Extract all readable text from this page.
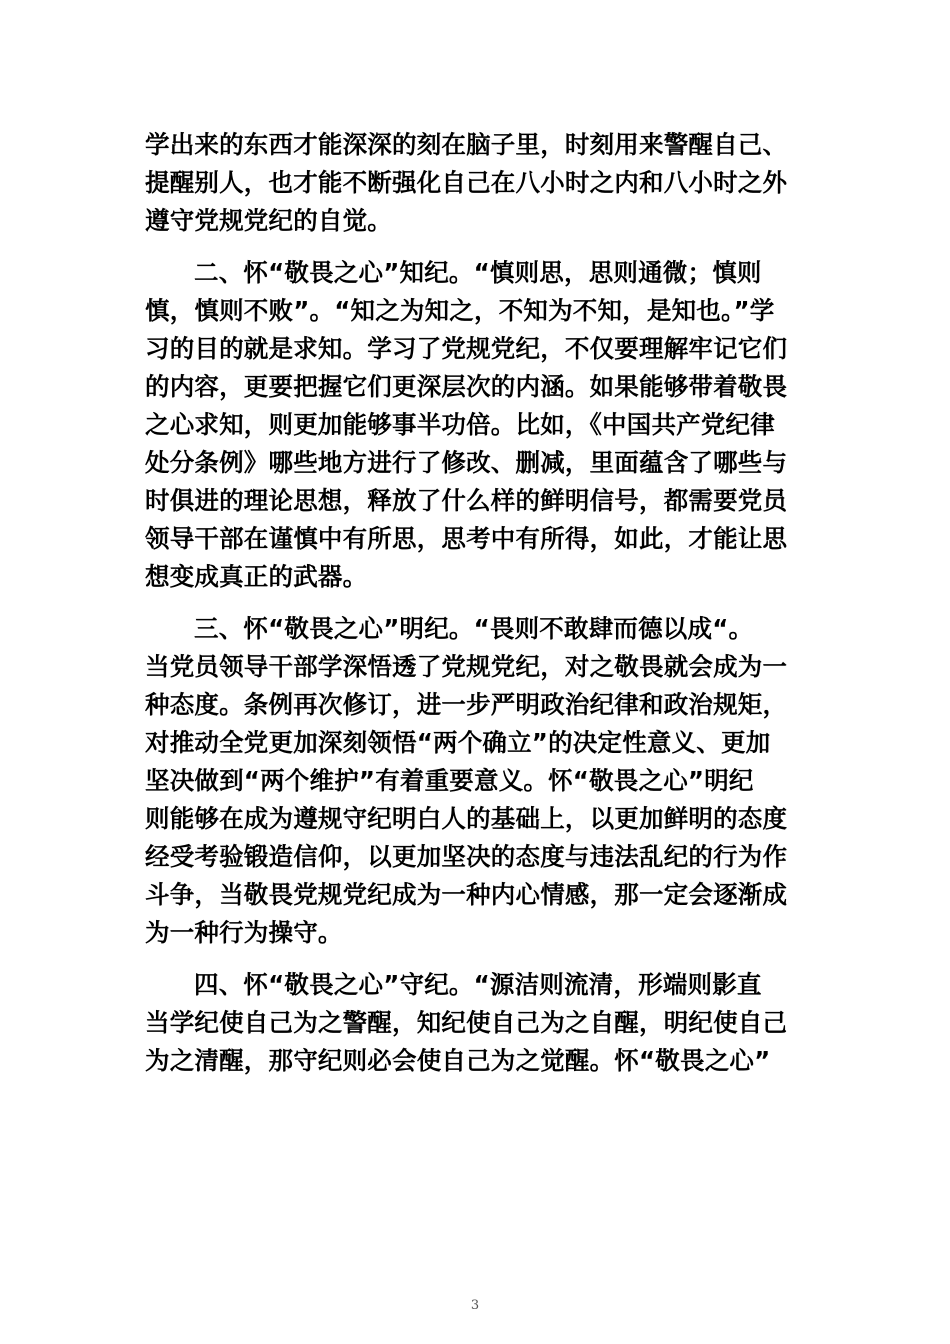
学出来的东西才能深深的刻在脑子里，时刻用来警醒自己、
提醒别人，也才能不断强化自己在八小时之内和八小时之外
遵守党规党纪的自觉。
二、怀“敬畏之心”知纪。“慎则思，思则通微；慎则
慎，慎则不败”。“知之为知之，不知为不知，是知也。”学
习的目的就是求知。学习了党规党纪，不仅要理解牢记它们
的内容，更要把握它们更深层次的内涵。如果能够带着敬畏
之心求知，则更加能够事半功倍。比如，《中国共产党纪律
处分条例》哪些地方进行了修改、删减，里面蕴含了哪些与
时俱进的理论思想，释放了什么样的鲜明信号，都需要党员
领导干部在谨慎中有所思，思考中有所得，如此，才能让思
想变成真正的武器。
三、怀“敬畏之心”明纪。“畏则不敢肆而德以成“。
当党员领导干部学深悟透了党规党纪，对之敬畏就会成为一
种态度。条例再次修订，进一步严明政治纪律和政治规矩，
对推动全党更加深刻领悟“两个确立”的决定性意义、更加
坚决做到“两个维护”有着重要意义。怀“敬畏之心”明纪
则能够在成为遵规守纪明白人的基础上，以更加鲜明的态度
经受考验锻造信仰，以更加坚决的态度与违法乱纪的行为作
斗争，当敬畏党规党纪成为一种内心情感，那一定会逐渐成
为一种行为操守。
四、怀“敬畏之心”守纪。“源洁则流清，形端则影直
当学纪使自己为之警醒，知纪使自己为之自醒，明纪使自己
为之清醒，那守纪则必会使自己为之觉醒。怀“敬畏之心”
3
